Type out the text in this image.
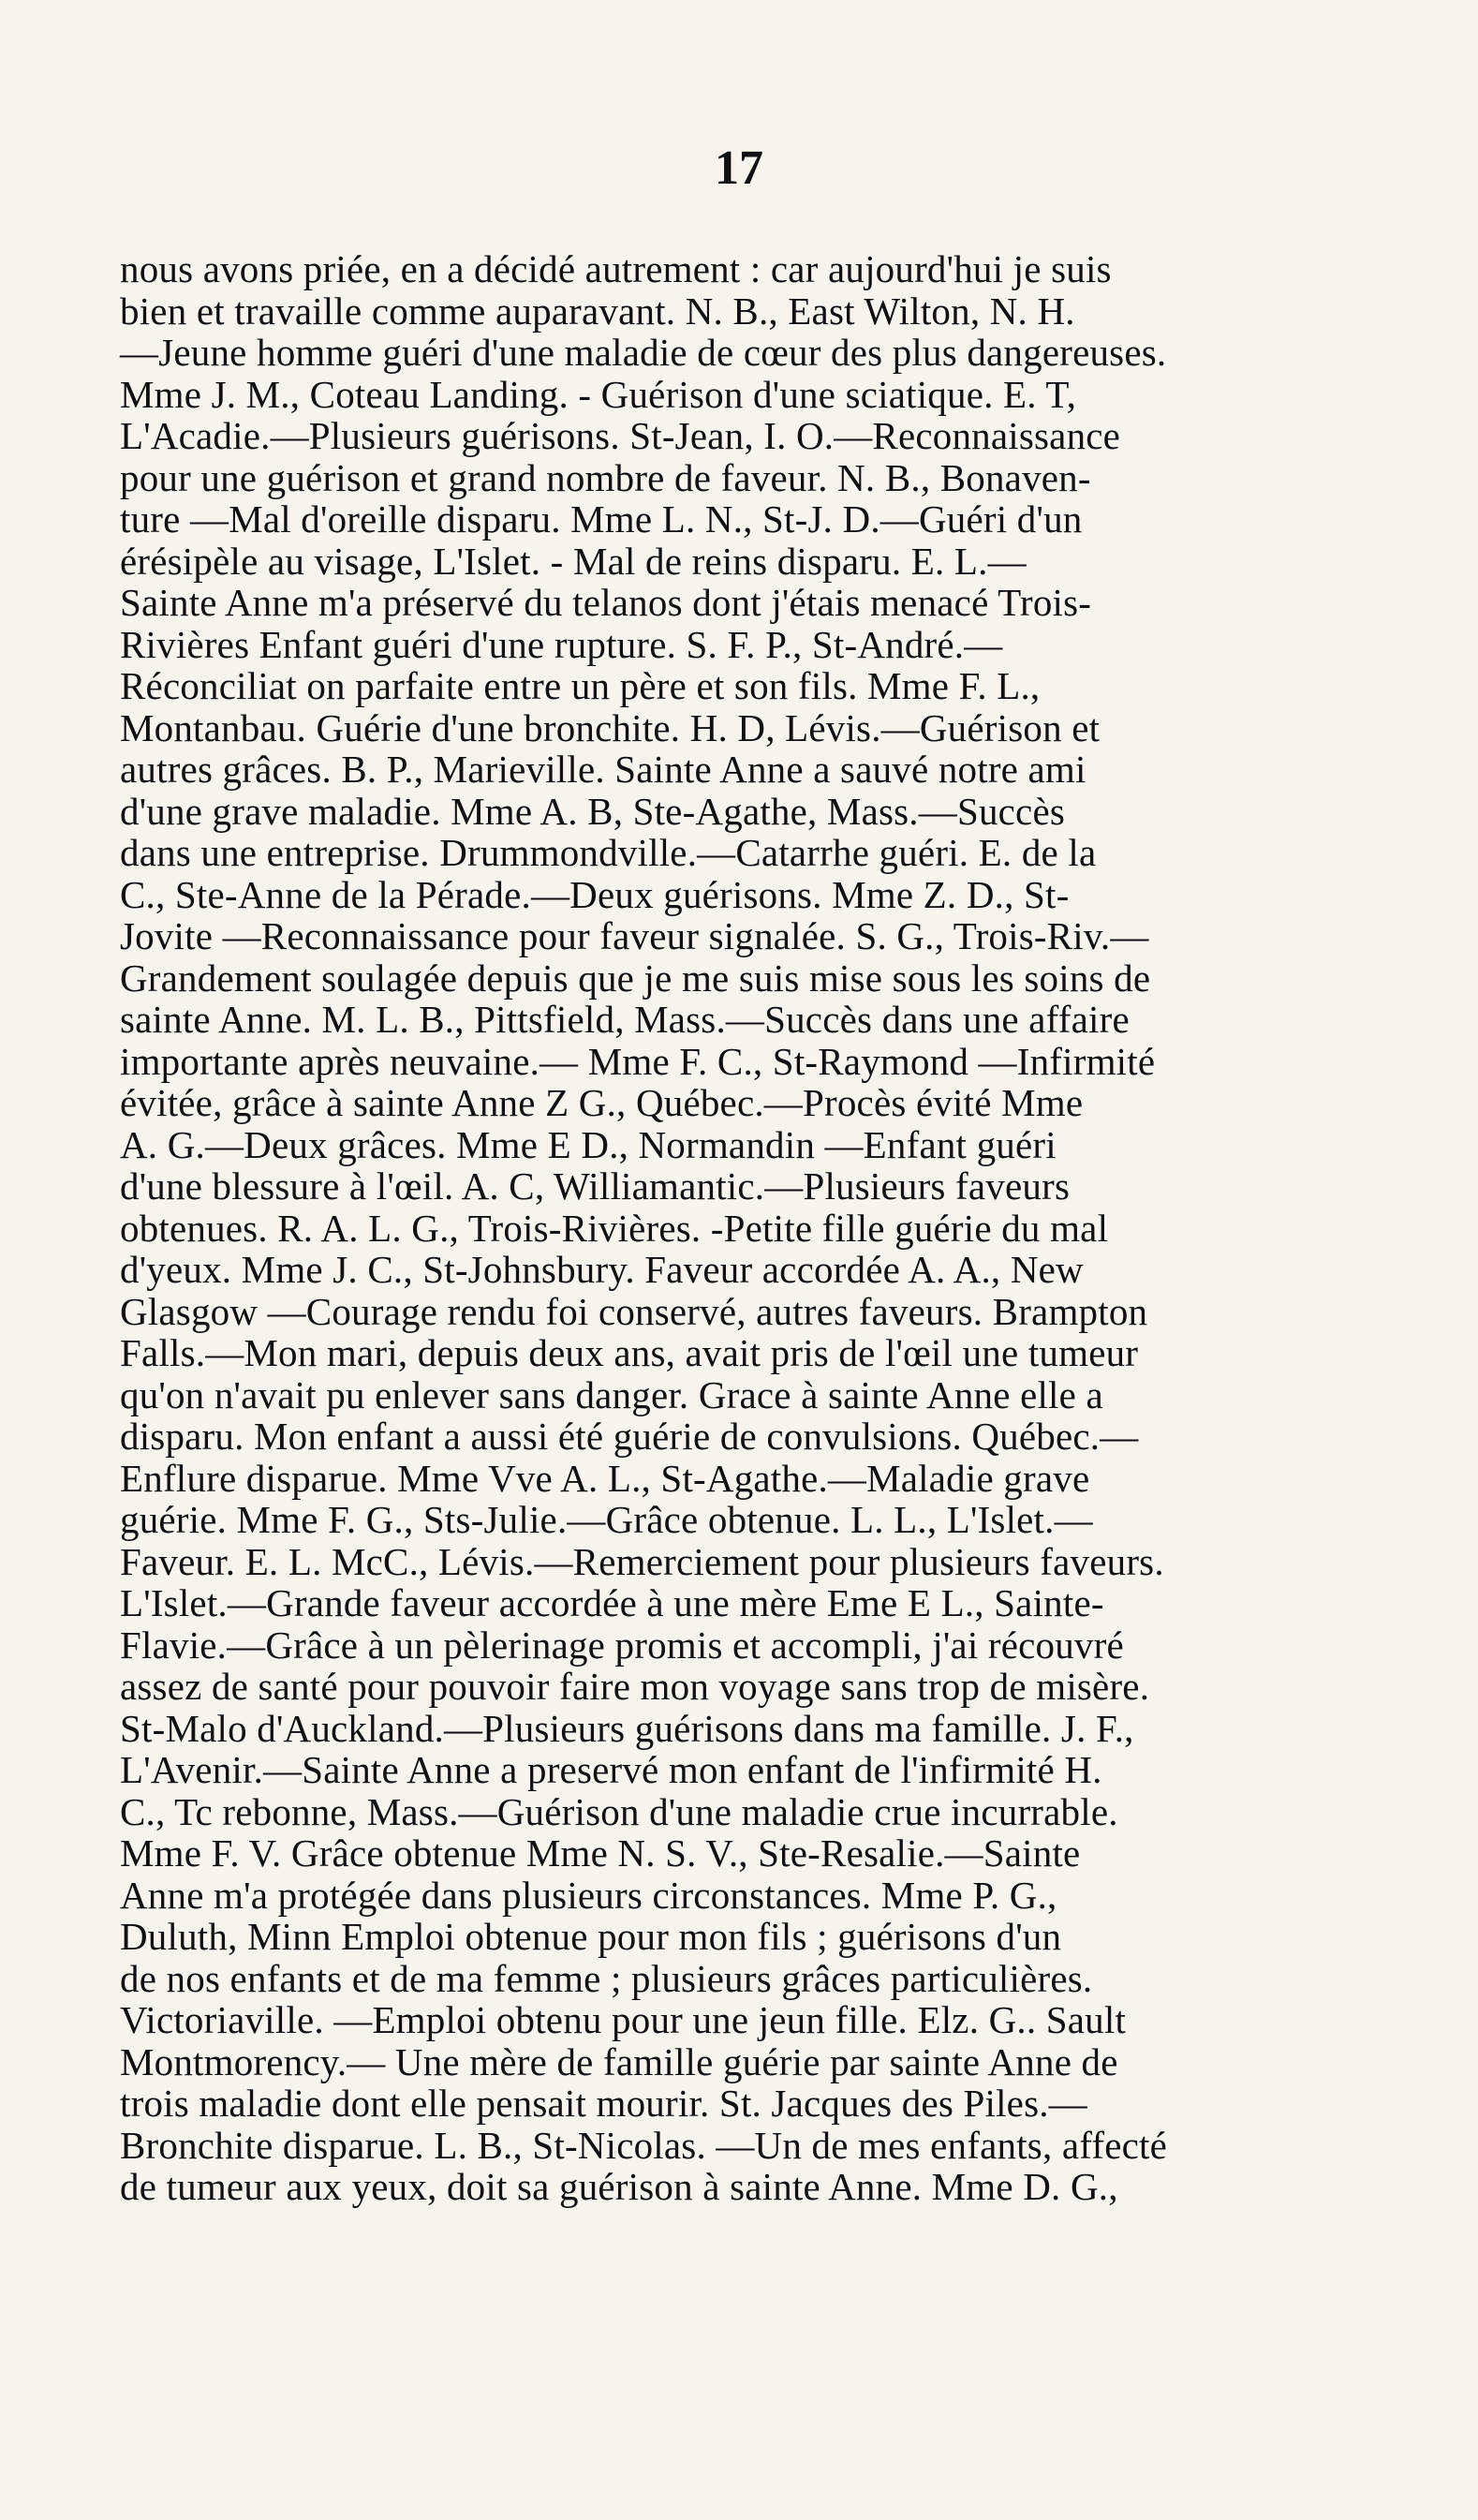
17
nous avons priée, en a décidé autrement : car aujourd'hui je suis
bien et travaille comme auparavant. N. B., East Wilton, N. H.
—Jeune homme guéri d'une maladie de cœur des plus dangereuses.
Mme J. M., Coteau Landing. - Guérison d'une sciatique. E. T,
L'Acadie.—Plusieurs guérisons. St-Jean, I. O.—Reconnaissance
pour une guérison et grand nombre de faveur. N. B., Bonaven-
ture —Mal d'oreille disparu. Mme L. N., St-J. D.—Guéri d'un
érésipèle au visage, L'Islet. - Mal de reins disparu. E. L.—
Sainte Anne m'a préservé du telanos dont j'étais menacé Trois-
Rivières Enfant guéri d'une rupture. S. F. P., St-André.—
Réconciliat on parfaite entre un père et son fils. Mme F. L.,
Montanbau. Guérie d'une bronchite. H. D, Lévis.—Guérison et
autres grâces. B. P., Marieville. Sainte Anne a sauvé notre ami
d'une grave maladie. Mme A. B, Ste-Agathe, Mass.—Succès
dans une entreprise. Drummondville.—Catarrhe guéri. E. de la
C., Ste-Anne de la Pérade.—Deux guérisons. Mme Z. D., St-
Jovite —Reconnaissance pour faveur signalée. S. G., Trois-Riv.—
Grandement soulagée depuis que je me suis mise sous les soins de
sainte Anne. M. L. B., Pittsfield, Mass.—Succès dans une affaire
importante après neuvaine.— Mme F. C., St-Raymond —Infirmité
évitée, grâce à sainte Anne Z G., Québec.—Procès évité Mme
A. G.—Deux grâces. Mme E D., Normandin —Enfant guéri
d'une blessure à l'œil. A. C, Williamantic.—Plusieurs faveurs
obtenues. R. A. L. G., Trois-Rivières. -Petite fille guérie du mal
d'yeux. Mme J. C., St-Johnsbury. Faveur accordée A. A., New
Glasgow —Courage rendu foi conservé, autres faveurs. Brampton
Falls.—Mon mari, depuis deux ans, avait pris de l'œil une tumeur
qu'on n'avait pu enlever sans danger. Grace à sainte Anne elle a
disparu. Mon enfant a aussi été guérie de convulsions. Québec.—
Enflure disparue. Mme Vve A. L., St-Agathe.—Maladie grave
guérie. Mme F. G., Sts-Julie.—Grâce obtenue. L. L., L'Islet.—
Faveur. E. L. McC., Lévis.—Remerciement pour plusieurs faveurs.
L'Islet.—Grande faveur accordée à une mère Eme E L., Sainte-
Flavie.—Grâce à un pèlerinage promis et accompli, j'ai récouvré
assez de santé pour pouvoir faire mon voyage sans trop de misère.
St-Malo d'Auckland.—Plusieurs guérisons dans ma famille. J. F.,
L'Avenir.—Sainte Anne a preservé mon enfant de l'infirmité H.
C., Tc rebonne, Mass.—Guérison d'une maladie crue incurrable.
Mme F. V. Grâce obtenue Mme N. S. V., Ste-Resalie.—Sainte
Anne m'a protégée dans plusieurs circonstances. Mme P. G.,
Duluth, Minn Emploi obtenue pour mon fils ; guérisons d'un
de nos enfants et de ma femme ; plusieurs grâces particulières.
Victoriaville. —Emploi obtenu pour une jeun fille. Elz. G.. Sault
Montmorency.— Une mère de famille guérie par sainte Anne de
trois maladie dont elle pensait mourir. St. Jacques des Piles.—
Bronchite disparue. L. B., St-Nicolas. —Un de mes enfants, affecté
de tumeur aux yeux, doit sa guérison à sainte Anne. Mme D. G.,
